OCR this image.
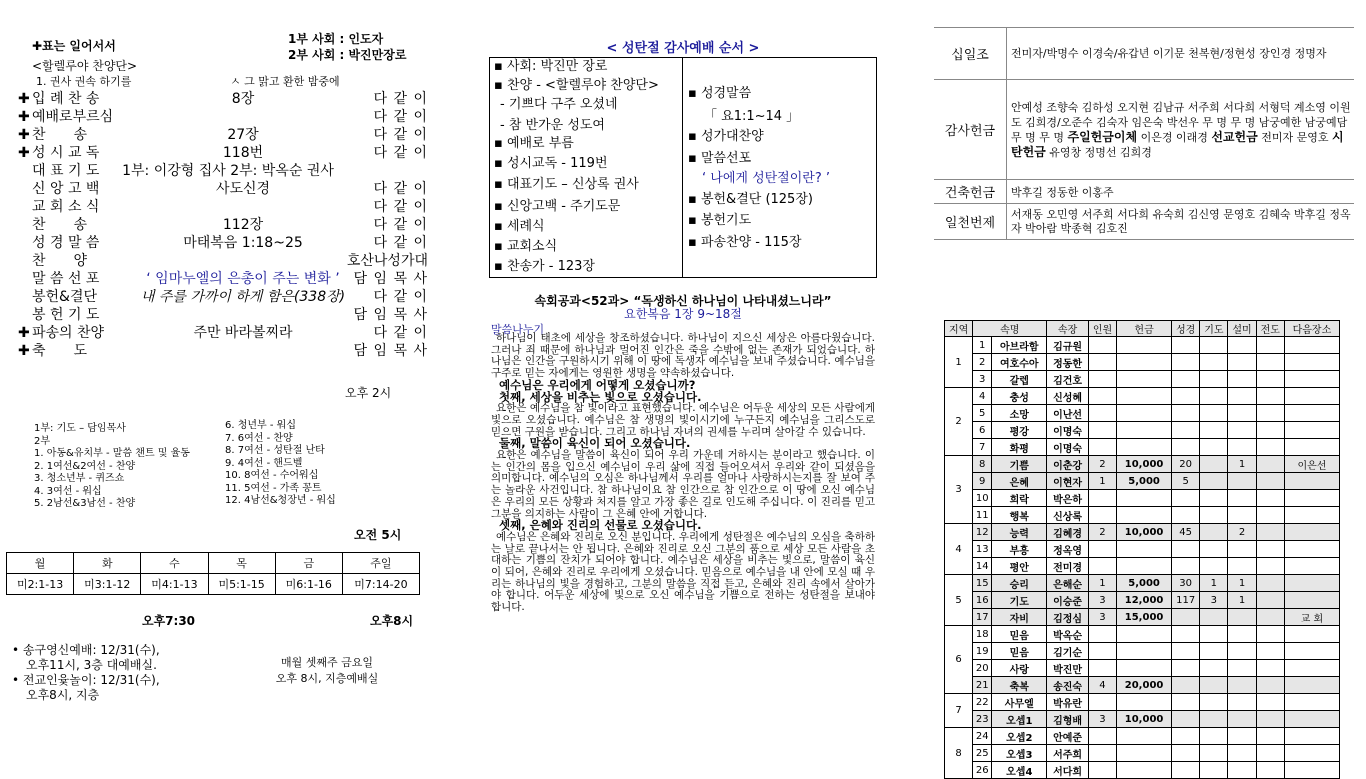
✚표는 일어서서	1부 사회 : 인도자
2부 사회 : 박진만장로
<할렐루야 찬양단>
1. 권사 권속 하기를	ㅅ 그 맑고 환한 밤중에
✚ 입 례 찬 송	8장	다 같 이
✚ 예배로부르심	다 같 이
✚ 찬　　송	27장	다 같 이
✚ 성 시 교 독	118번	다 같 이
대 표 기 도	1부: 이강형 집사 2부: 박옥순 권사
신 앙 고 백	사도신경	다 같 이
교 회 소 식	다 같 이
찬　　송	112장	다 같 이
성 경 말 씀	마태복음 1:18~25	다 같 이
찬　　양	호산나성가대
말 씀 선 포	‘ 임마누엘의 은총이 주는 변화 ’ 담 임 목 사
봉헌&결단	내 주를 가까이 하게 함은(338장)	다 같 이
봉 헌 기 도	담 임 목 사
✚ 파송의 찬양	주만 바라볼찌라	다 같 이
✚ 축　　도	담 임 목 사
오후 2시
1부: 기도 – 담임목사
2부
1. 아동&유치부 - 말씀 챈트 및 율동
2. 1여선&2여선 - 찬양
3. 청소년부 - 퀴즈쇼
4. 3여선 - 워십
5. 2남선&3남선 - 찬양
6. 청년부 - 워십
7. 6여선 - 찬양
8. 7여선 - 성탄절 난타
9. 4여선 - 핸드벨
10. 8여선 - 수어워십
11. 5여선 - 가족 꽁트
12. 4남선&청장년 - 워십
오전 5시
월	화	수	목	금	주일
미2:1-13	미3:1-12	미4:1-13	미5:1-15	미6:1-16	미7:14-20
오후7:30	오후8시
• 송구영신예배: 12/31(수),
오후11시, 3층 대예배실.
• 전교인윷놀이: 12/31(수),
오후8시, 지층
매월 셋째주 금요일
오후 8시, 지층예배실
< 성탄절 감사예배 순서 >
▪ 사회: 박진만 장로
▪ 찬양 - <할렐루야 찬양단>
- 기쁘다 구주 오셨네
- 참 반가운 성도여
▪ 예배로 부름
▪ 성시교독 - 119번
▪ 대표기도 – 신상록 권사
▪ 신앙고백 - 주기도문
▪ 세례식
▪ 교회소식
▪ 찬송가 - 123장
▪ 성경말씀
「 요1:1~14 」
▪ 성가대찬양
▪ 말씀선포
‘ 나에게 성탄절이란? ’
▪ 봉헌&결단 (125장)
▪ 봉헌기도
▪ 파송찬양 - 115장
속회공과<52과> “독생하신 하나님이 나타내셨느니라”
요한복음 1장 9~18절
말씀나누기
하나님이 태초에 세상을 창조하셨습니다. 하나님이 지으신 세상은 아름다웠습니다. 그러나 죄 때문에 하나님과 멀어진 인간은 죽을 수밖에 없는 존재가 되었습니다. 하나님은 인간을 구원하시기 위해 이 땅에 독생자 예수님을 보내 주셨습니다. 예수님을 구주로 믿는 자에게는 영원한 생명을 약속하셨습니다.
예수님은 우리에게 어떻게 오셨습니까?
첫째, 세상을 비추는 빛으로 오셨습니다.
요한은 예수님을 참 빛이라고 표현했습니다. 예수님은 어두운 세상의 모든 사람에게 빛으로 오셨습니다. 예수님은 참 생명의 빛이시기에 누구든지 예수님을 그리스도로 믿으면 구원을 받습니다. 그리고 하나님 자녀의 권세를 누리며 살아갈 수 있습니다.
둘째, 말씀이 육신이 되어 오셨습니다.
요한은 예수님을 말씀이 육신이 되어 우리 가운데 거하시는 분이라고 했습니다. 이는 인간의 몸을 입으신 예수님이 우리 삶에 직접 들어오셔서 우리와 같이 되셨음을 의미합니다. 예수님의 오심은 하나님께서 우리를 얼마나 사랑하시는지를 잘 보여 주는 놀라운 사건입니다. 참 하나님이요 참 인간으로 참 인간으로 이 땅에 오신 예수님은 우리의 모든 상황과 처지를 알고 가장 좋은 길로 인도해 주십니다. 이 진리를 믿고 그분을 의지하는 사람이 그 은혜 안에 거합니다.
셋째, 은혜와 진리의 선물로 오셨습니다.
예수님은 은혜와 진리로 오신 분입니다. 우리에게 성탄절은 예수님의 오심을 축하하는 날로 끝나서는 안 됩니다. 은혜와 진리로 오신 그분의 품으로 세상 모든 사람을 초대하는 기쁨의 잔치가 되어야 합니다. 예수님은 세상을 비추는 빛으로, 말씀이 육신이 되어, 은혜와 진리로 우리에게 오셨습니다. 믿음으로 예수님을 내 안에 모실 때 우리는 하나님의 빛을 경험하고, 그분의 말씀을 직접 듣고, 은혜와 진리 속에서 살아가야 합니다. 어두운 세상에 빛으로 오신 예수님을 기쁨으로 전하는 성탄절을 보내야 합니다.
십일조	전미자/박명수 이경숙/유갑년 이기문 천복현/정현성 장인경 정명자
감사헌금	안예성 조향숙 김하성 오지현 김남규 서주희 서다희 서형덕 계소영 이원도 김희경/오준수 김숙자 임은숙 박선우 무 명 무 명 남궁예한 남궁예담 무 명 무 명 주일헌금이체 이은경 이래경 선교헌금 전미자 문영호 시탄헌금 유영창 정명선 김희경
건축헌금	박후길 정동한 이홍주
일천번제	서재동 오민영 서주희 서다희 유숙희 김신영 문영호 김혜숙 박후길 정옥자 박아람 박종혁 김호진
지역	속명		속장	인원	헌금	성경	기도	설미	전도	다음장소
1	1	아브라함	김규원							
	2	여호수아	정동한							
	3	갈렙	김건호							
2	4	충성	신성혜							
	5	소망	이난선							
	6	평강	이명숙							
	7	화평	이명숙							
3	8	기쁨	이춘강	2	10,000	20		1		이은선
	9	은혜	이현자	1	5,000	5				
	10	희락	박은하							
	11	행복	신상록							
4	12	능력	김혜경	2	10,000	45		2		
	13	부흥	정옥영							
	14	평안	전미경							
5	15	승리	은해순	1	5,000	30	1	1		
	16	기도	이승준	3	12,000	117	3	1		
	17	자비	김정심	3	15,000					교 회
6	18	믿음	박옥순							
	19	믿음	김기순							
	20	사랑	박진만							
	21	축복	송진숙	4	20,000					
7	22	사무엘	박유란							
	23	오셉1	김형배	3	10,000					
8	24	오셉2	안예준							
	25	오셉3	서주희							
	26	오셉4	서다희							
